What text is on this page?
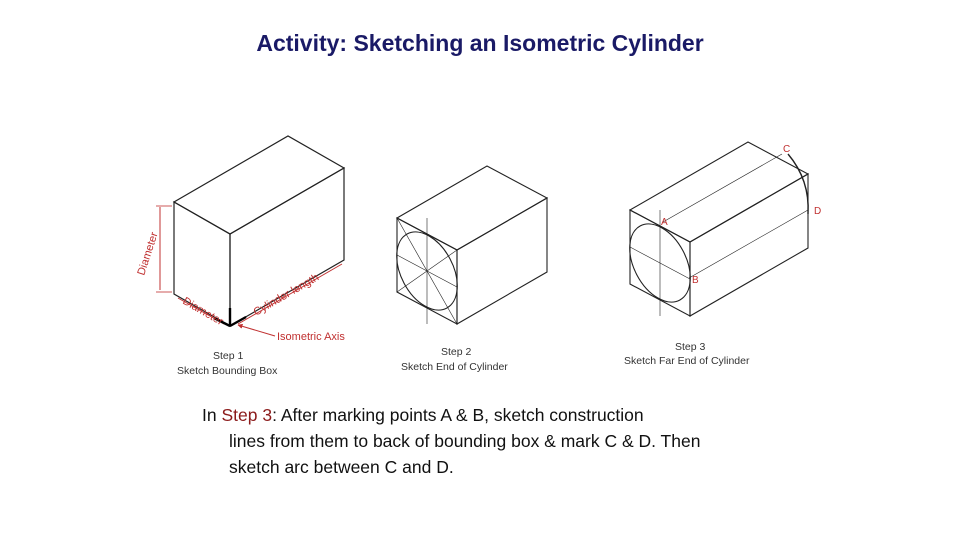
Activity: Sketching an Isometric Cylinder
Diameter
Diameter Cylinder length
Isometric Axis
Step 1
Sketch Bounding Box
Step 2
Sketch End of Cylinder
A
B
C
D
Step 3
Sketch Far End of Cylinder
In Step 3: After marking points A & B, sketch construction
lines from them to back of bounding box & mark C & D. Then
sketch arc between C and D.
